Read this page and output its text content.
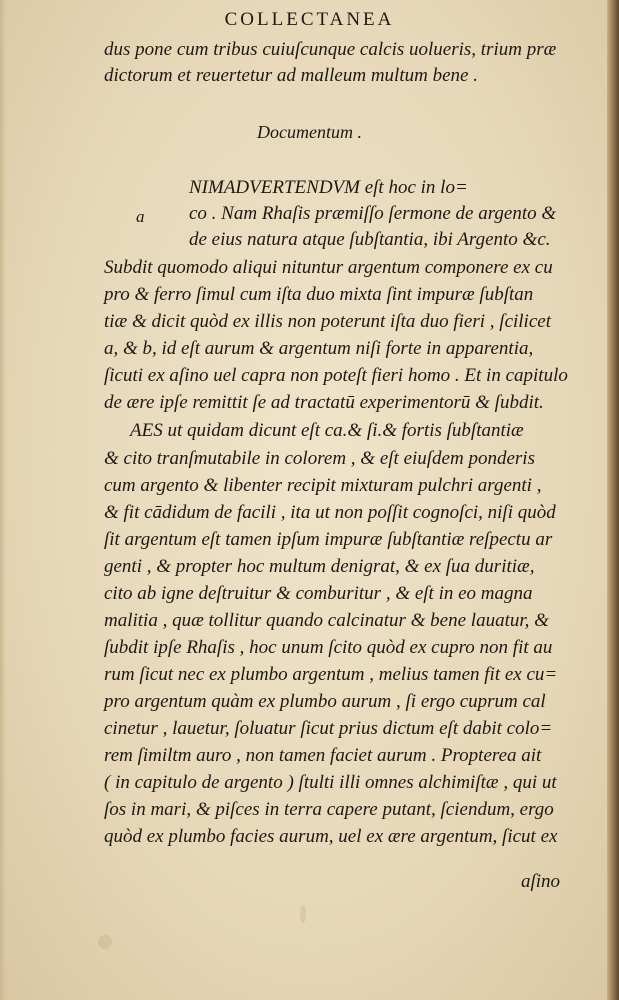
COLLECTANEA
dus pone cum tribus cuiuſcunque calcis uolueris, trium præ
dictorum et reuertetur ad malleum multum bene .
Documentum .
a
NIMADVERTENDVM eſt hoc in lo=
co . Nam Rhaſis præmiſſo ſermone de argento &
de eius natura atque ſubſtantia, ibi Argento &c.
Subdit quomodo aliqui nituntur argentum componere ex cu
pro & ferro ſimul cum iſta duo mixta ſint impuræ ſubſtan
tiæ & dicit quòd ex illis non poterunt iſta duo fieri , ſcilicet
a, & b, id eſt aurum & argentum niſi forte in apparentia,
ſicuti ex aſino uel capra non poteſt fieri homo . Et in capitulo
de ære ipſe remittit ſe ad tractatū experimentorū & ſubdit.
AES ut quidam dicunt eſt ca.& ſi.& fortis ſubſtantiæ
& cito tranſmutabile in colorem , & eſt eiuſdem ponderis
cum argento & libenter recipit mixturam pulchri argenti ,
& fit cādidum de facili , ita ut non poſſit cognoſci, niſi quòd
ſit argentum eſt tamen ipſum impuræ ſubſtantiæ reſpectu ar
genti , & propter hoc multum denigrat, & ex ſua duritiæ,
cito ab igne deſtruitur & comburitur , & eſt in eo magna
malitia , quæ tollitur quando calcinatur & bene lauatur, &
ſubdit ipſe Rhaſis , hoc unum ſcito quòd ex cupro non fit au
rum ſicut nec ex plumbo argentum , melius tamen fit ex cu=
pro argentum quàm ex plumbo aurum , ſi ergo cuprum cal
cinetur , lauetur, ſoluatur ſicut prius dictum eſt dabit colo=
rem ſimiltm auro , non tamen faciet aurum . Propterea ait
( in capitulo de argento ) ſtulti illi omnes alchimiſtæ , qui ut
ſos in mari, & piſces in terra capere putant, ſciendum, ergo
quòd ex plumbo facies aurum, uel ex ære argentum, ſicut ex
aſino
